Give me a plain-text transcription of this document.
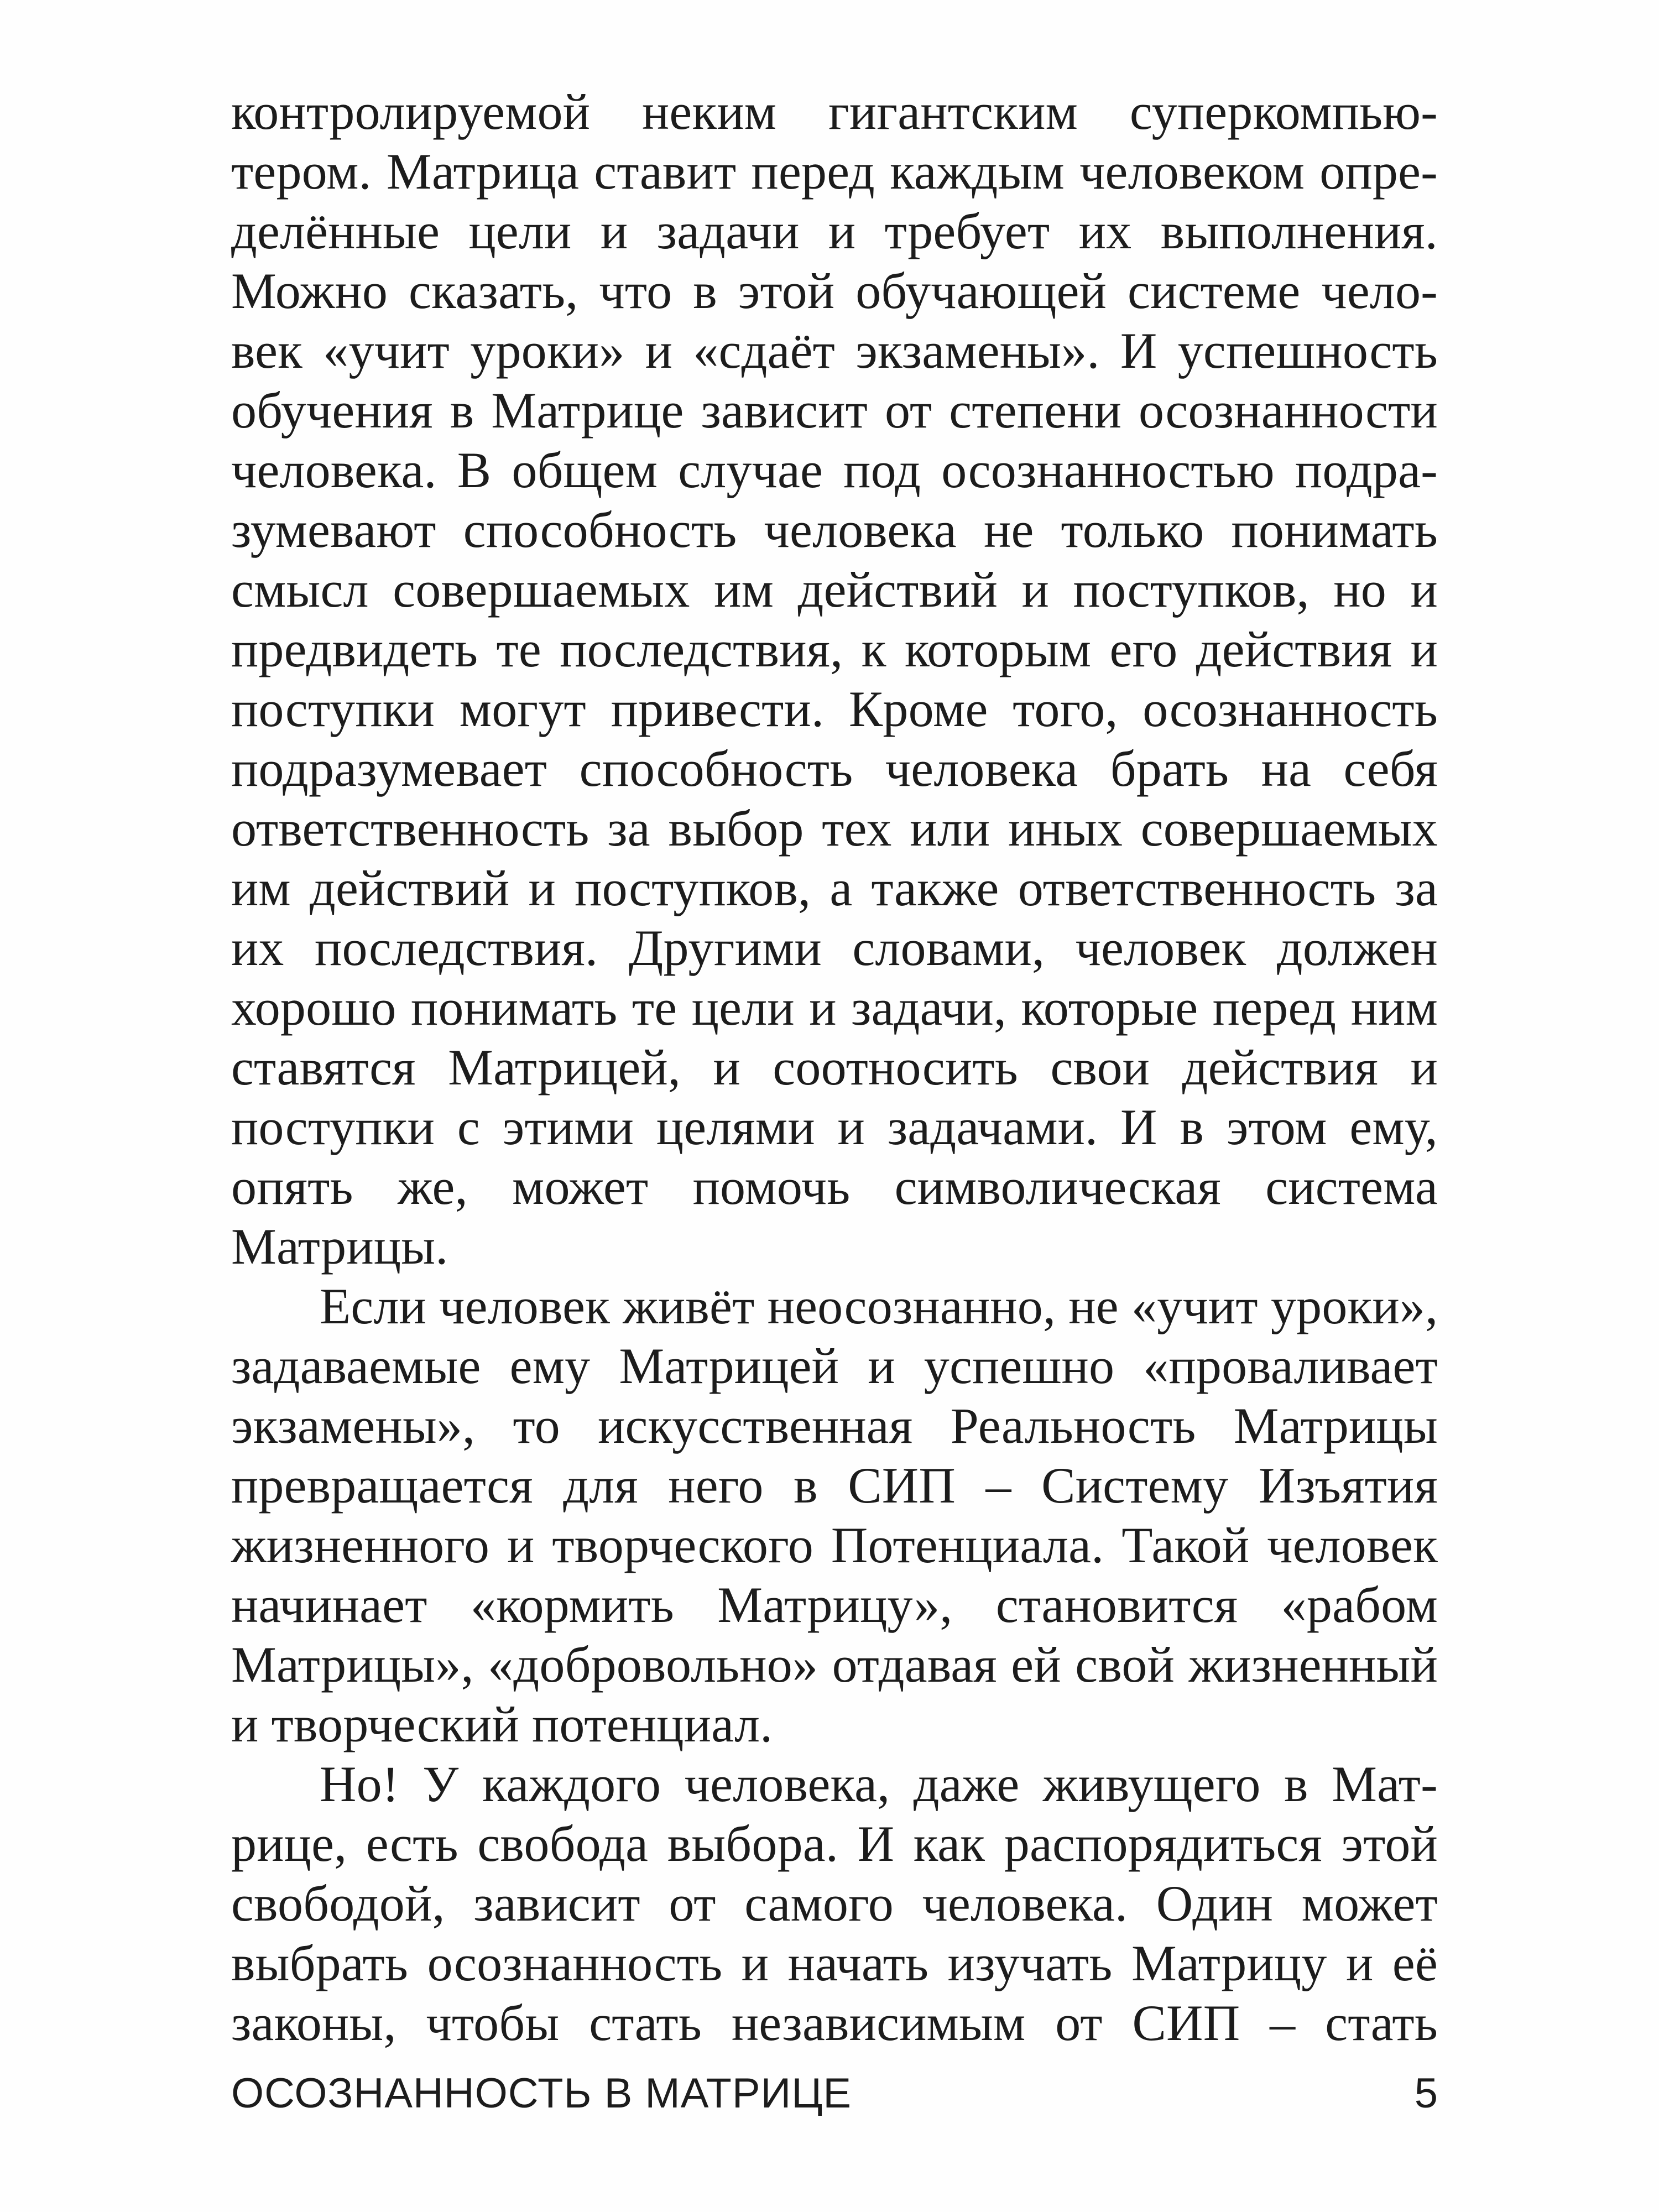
контролируемой неким гигантским суперкомпью-
тером. Матрица ставит перед каждым человеком опре-
делённые цели и задачи и требует их выполнения.
Можно сказать, что в этой обучающей системе чело-
век «учит уроки» и «сдаёт экзамены». И успешность
обучения в Матрице зависит от степени осознанности
человека. В общем случае под осознанностью подра-
зумевают способность человека не только понимать
смысл совершаемых им действий и поступков, но и
предвидеть те последствия, к которым его действия и
поступки могут привести. Кроме того, осознанность
подразумевает способность человека брать на себя
ответственность за выбор тех или иных совершаемых
им действий и поступков, а также ответственность за
их последствия. Другими словами, человек должен
хорошо понимать те цели и задачи, которые перед ним
ставятся Матрицей, и соотносить свои действия и
поступки с этими целями и задачами. И в этом ему,
опять же, может помочь символическая система
Матрицы.
Если человек живёт неосознанно, не «учит уроки»,
задаваемые ему Матрицей и успешно «проваливает
экзамены», то искусственная Реальность Матрицы
превращается для него в СИП – Систему Изъятия
жизненного и творческого Потенциала. Такой человек
начинает «кормить Матрицу», становится «рабом
Матрицы», «добровольно» отдавая ей свой жизненный
и творческий потенциал.
Но! У каждого человека, даже живущего в Мат-
рице, есть свобода выбора. И как распорядиться этой
свободой, зависит от самого человека. Один может
выбрать осознанность и начать изучать Матрицу и её
законы, чтобы стать независимым от СИП – стать
ОСОЗНАННОСТЬ В МАТРИЦЕ	5
